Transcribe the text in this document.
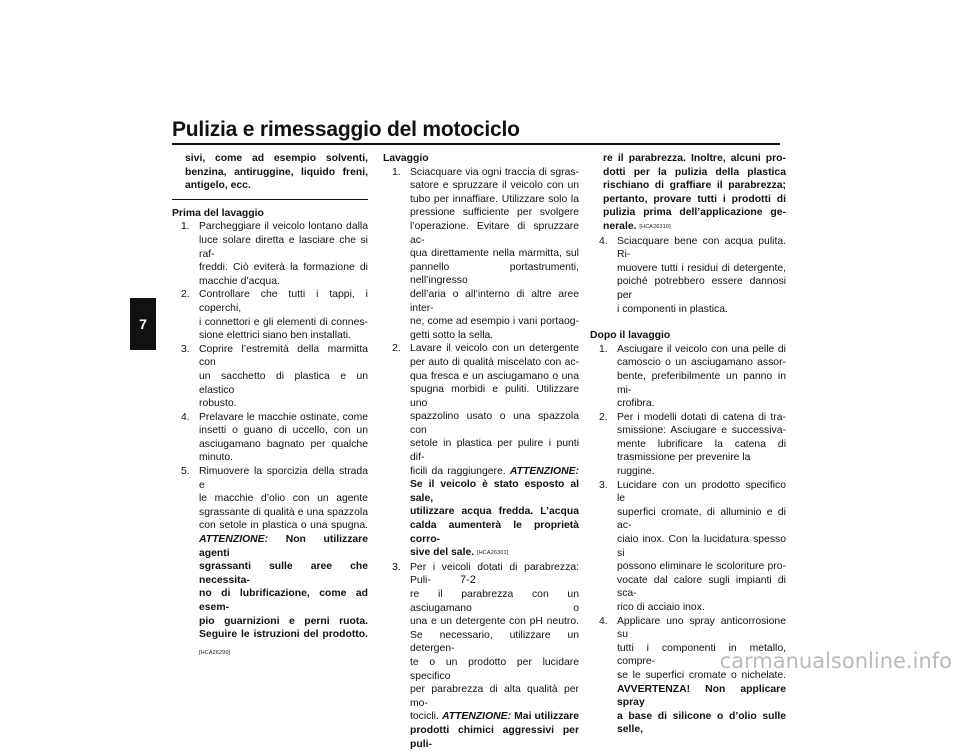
Pulizia e rimessaggio del motociclo
7
sivi, come ad esempio solventi,
benzina, antiruggine, liquido freni,
antigelo, ecc.
Prima del lavaggio
1. Parcheggiare il veicolo lontano dalla
luce solare diretta e lasciare che si raf-
freddi. Ciò eviterà la formazione di
macchie d’acqua.
2. Controllare che tutti i tappi, i coperchi,
i connettori e gli elementi di connes-
sione elettrici siano ben installati.
3. Coprire l’estremità della marmitta con
un sacchetto di plastica e un elastico
robusto.
4. Prelavare le macchie ostinate, come
insetti o guano di uccello, con un
asciugamano bagnato per qualche
minuto.
5. Rimuovere la sporcizia della strada e
le macchie d’olio con un agente
sgrassante di qualità e una spazzola
con setole in plastica o una spugna.
ATTENZIONE: Non utilizzare agenti
sgrassanti sulle aree che necessita-
no di lubrificazione, come ad esem-
pio guarnizioni e perni ruota.
Seguire le istruzioni del prodotto.
[HCA26290]
Lavaggio
1. Sciacquare via ogni traccia di sgras-
satore e spruzzare il veicolo con un
tubo per innaffiare. Utilizzare solo la
pressione sufficiente per svolgere
l’operazione. Evitare di spruzzare ac-
qua direttamente nella marmitta, sul
pannello portastrumenti, nell’ingresso
dell’aria o all’interno di altre aree inter-
ne, come ad esempio i vani portaog-
getti sotto la sella.
2. Lavare il veicolo con un detergente
per auto di qualità miscelato con ac-
qua fresca e un asciugamano o una
spugna morbidi e puliti. Utilizzare uno
spazzolino usato o una spazzola con
setole in plastica per pulire i punti dif-
ficili da raggiungere. ATTENZIONE:
Se il veicolo è stato esposto al sale,
utilizzare acqua fredda. L’acqua
calda aumenterà le proprietà corro-
sive del sale. [HCA26301]
3. Per i veicoli dotati di parabrezza: Puli-
re il parabrezza con un asciugamano o
una e un detergente con pH neutro.
Se necessario, utilizzare un detergen-
te o un prodotto per lucidare specifico
per parabrezza di alta qualità per mo-
tocicli. ATTENZIONE: Mai utilizzare
prodotti chimici aggressivi per puli-
re il parabrezza. Inoltre, alcuni pro-
dotti per la pulizia della plastica
rischiano di graffiare il parabrezza;
pertanto, provare tutti i prodotti di
pulizia prima dell’applicazione ge-
nerale. [HCA26310]
4. Sciacquare bene con acqua pulita. Ri-
muovere tutti i residui di detergente,
poiché potrebbero essere dannosi per
i componenti in plastica.
Dopo il lavaggio
1. Asciugare il veicolo con una pelle di
camoscio o un asciugamano assor-
bente, preferibilmente un panno in mi-
crofibra.
2. Per i modelli dotati di catena di tra-
smissione: Asciugare e successiva-
mente lubrificare la catena di
trasmissione per prevenire la ruggine.
3. Lucidare con un prodotto specifico le
superfici cromate, di alluminio e di ac-
ciaio inox. Con la lucidatura spesso si
possono eliminare le scoloriture pro-
vocate dal calore sugli impianti di sca-
rico di acciaio inox.
4. Applicare uno spray anticorrosione su
tutti i componenti in metallo, compre-
se le superfici cromate o nichelate.
AVVERTENZA! Non applicare spray
a base di silicone o d’olio sulle selle,
7-2
carmanualsonline.info
